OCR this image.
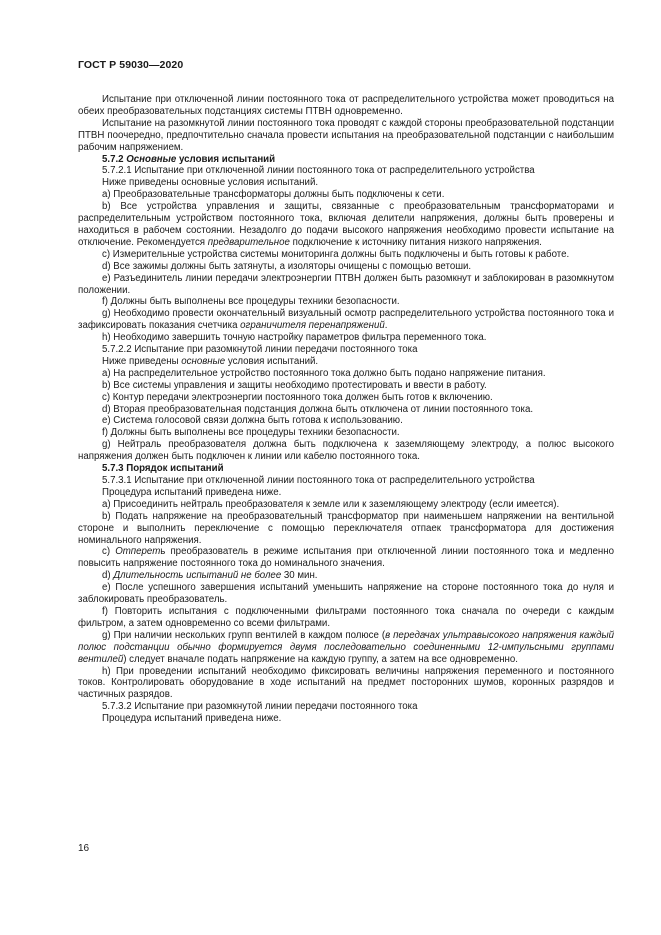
ГОСТ Р 59030—2020

Испытание при отключенной линии постоянного тока от распределительного устройства может проводиться на обеих преобразовательных подстанциях системы ПТВН одновременно.

Испытание на разомкнутой линии постоянного тока проводят с каждой стороны преобразовательной подстанции ПТВН поочередно, предпочтительно сначала провести испытания на преобразовательной подстанции с наибольшим рабочим напряжением.

5.7.2 Основные условия испытаний

5.7.2.1 Испытание при отключенной линии постоянного тока от распределительного устройства

Ниже приведены основные условия испытаний.

a) Преобразовательные трансформаторы должны быть подключены к сети.

b) Все устройства управления и защиты, связанные с преобразовательным трансформаторами и распределительным устройством постоянного тока, включая делители напряжения, должны быть проверены и находиться в рабочем состоянии. Незадолго до подачи высокого напряжения необходимо провести испытание на отключение. Рекомендуется предварительное подключение к источнику питания низкого напряжения.

c) Измерительные устройства системы мониторинга должны быть подключены и быть готовы к работе.

d) Все зажимы должны быть затянуты, а изоляторы очищены с помощью ветоши.

e) Разъединитель линии передачи электроэнергии ПТВН должен быть разомкнут и заблокирован в разомкнутом положении.

f) Должны быть выполнены все процедуры техники безопасности.

g) Необходимо провести окончательный визуальный осмотр распределительного устройства постоянного тока и зафиксировать показания счетчика ограничителя перенапряжений.

h) Необходимо завершить точную настройку параметров фильтра переменного тока.

5.7.2.2 Испытание при разомкнутой линии передачи постоянного тока

Ниже приведены основные условия испытаний.

a) На распределительное устройство постоянного тока должно быть подано напряжение питания.

b) Все системы управления и защиты необходимо протестировать и ввести в работу.

c) Контур передачи электроэнергии постоянного тока должен быть готов к включению.

d) Вторая преобразовательная подстанция должна быть отключена от линии постоянного тока.

e) Система голосовой связи должна быть готова к использованию.

f) Должны быть выполнены все процедуры техники безопасности.

g) Нейтраль преобразователя должна быть подключена к заземляющему электроду, а полюс высокого напряжения должен быть подключен к линии или кабелю постоянного тока.

5.7.3 Порядок испытаний

5.7.3.1 Испытание при отключенной линии постоянного тока от распределительного устройства

Процедура испытаний приведена ниже.

a) Присоединить нейтраль преобразователя к земле или к заземляющему электроду (если имеется).

b) Подать напряжение на преобразовательный трансформатор при наименьшем напряжении на вентильной стороне и выполнить переключение с помощью переключателя отпаек трансформатора для достижения номинального напряжения.

c) Отпереть преобразователь в режиме испытания при отключенной линии постоянного тока и медленно повысить напряжение постоянного тока до номинального значения.

d) Длительность испытаний не более 30 мин.

e) После успешного завершения испытаний уменьшить напряжение на стороне постоянного тока до нуля и заблокировать преобразователь.

f) Повторить испытания с подключенными фильтрами постоянного тока сначала по очереди с каждым фильтром, а затем одновременно со всеми фильтрами.

g) При наличии нескольких групп вентилей в каждом полюсе (в передачах ультравысокого напряжения каждый полюс подстанции обычно формируется двумя последовательно соединенными 12-импульсными группами вентилей) следует вначале подать напряжение на каждую группу, а затем на все одновременно.

h) При проведении испытаний необходимо фиксировать величины напряжения переменного и постоянного токов. Контролировать оборудование в ходе испытаний на предмет посторонних шумов, коронных разрядов и частичных разрядов.

5.7.3.2 Испытание при разомкнутой линии передачи постоянного тока

Процедура испытаний приведена ниже.

16
